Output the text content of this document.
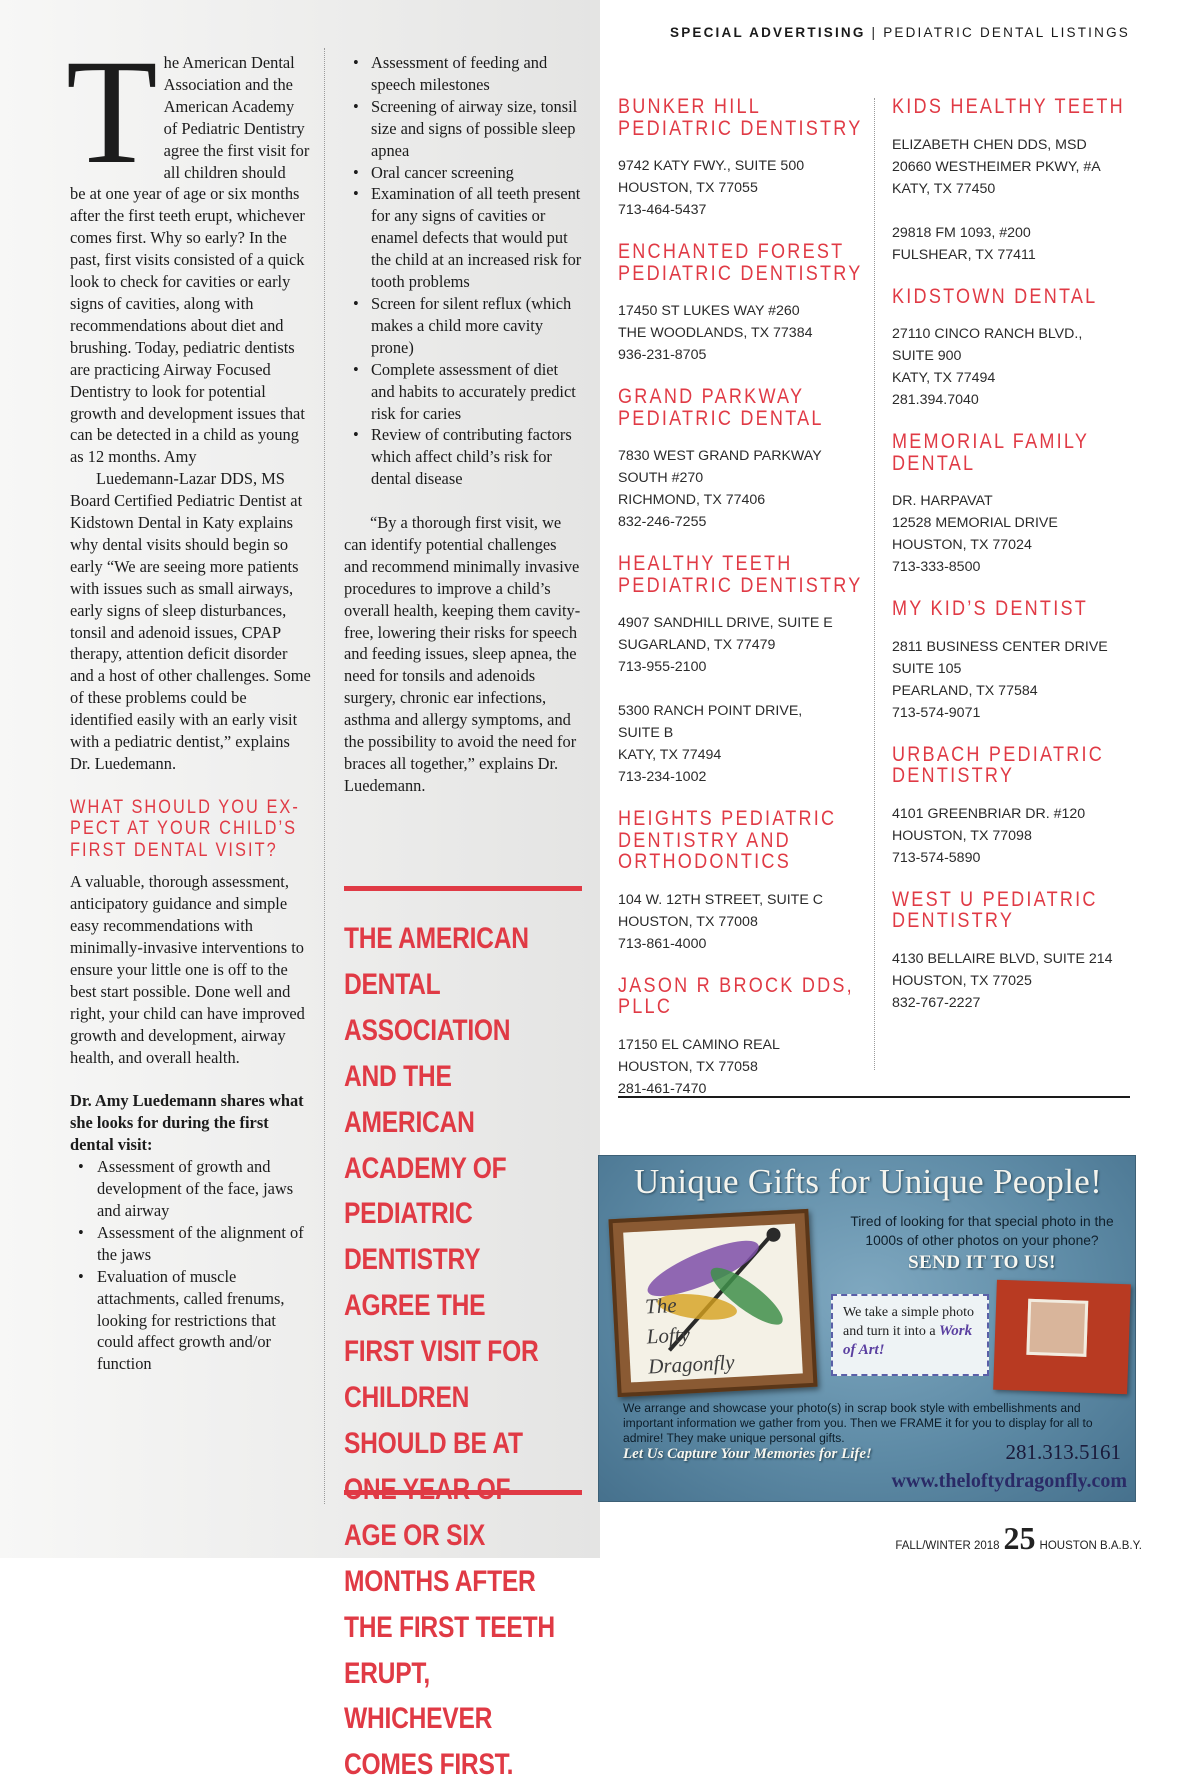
SPECIAL ADVERTISING | PEDIATRIC DENTAL LISTINGS

T he American Dental
Association and the
American Academy
of Pediatric Dentistry
agree the first visit for
all children should
be at one year of age or six months after the first teeth erupt, whichever comes first. Why so early? In the past, first visits consisted of a quick look to check for cavities or early signs of cavities, along with recommendations about diet and brushing. Today, pediatric dentists are practicing Airway Focused Dentistry to look for potential growth and development issues that can be detected in a child as young as 12 months. Amy

Luedemann-Lazar DDS, MS Board Certified Pediatric Dentist at Kidstown Dental in Katy explains why dental visits should begin so early “We are seeing more patients with issues such as small airways, early signs of sleep disturbances, tonsil and adenoid issues, CPAP therapy, attention deficit disorder and a host of other challenges. Some of these problems could be identified easily with an early visit with a pediatric dentist,” explains Dr. Luedemann.

WHAT SHOULD YOU EX- PECT AT YOUR CHILD’S FIRST DENTAL VISIT?

A valuable, thorough assessment, anticipatory guidance and simple easy recommendations with minimally-invasive interventions to ensure your little one is off to the best start possible. Done well and right, your child can have improved growth and development, airway health, and overall health.

Dr. Amy Luedemann shares what she looks for during the first dental visit:

• Assessment of growth and development of the face, jaws and airway
• Assessment of the alignment of the jaws
• Evaluation of muscle attachments, called frenums, looking for restrictions that could affect growth and/or function
• Assessment of feeding and speech milestones
• Screening of airway size, tonsil size and signs of possible sleep apnea
• Oral cancer screening
• Examination of all teeth present for any signs of cavities or enamel defects that would put the child at an increased risk for tooth problems
• Screen for silent reflux (which makes a child more cavity prone)
• Complete assessment of diet and habits to accurately predict risk for caries
• Review of contributing factors which affect child’s risk for dental disease

“By a thorough first visit, we can identify potential challenges and recommend minimally invasive procedures to improve a child’s overall health, keeping them cavity-free, lowering their risks for speech and feeding issues, sleep apnea, the need for tonsils and adenoids surgery, chronic ear infections, asthma and allergy symptoms, and the possibility to avoid the need for braces all together,” explains Dr. Luedemann.

THE AMERICAN DENTAL ASSOCIATION AND THE AMERICAN ACADEMY OF PEDIATRIC DENTISTRY AGREE THE FIRST VISIT FOR CHILDREN SHOULD BE AT AGE OR SIX MONTHS AFTER THE FIRST TEETH ERUPT, WHICHEVER COMES FIRST.
BUNKER HILL PEDIATRIC DENTISTRY
9742 KATY FWY., SUITE 500
HOUSTON, TX 77055
713-464-5437
ENCHANTED FOREST PEDIATRIC DENTISTRY
17450 ST LUKES WAY #260
THE WOODLANDS, TX 77384
936-231-8705
GRAND PARKWAY PEDIATRIC DENTAL
7830 WEST GRAND PARKWAY
SOUTH #270
RICHMOND, TX 77406
832-246-7255
HEALTHY TEETH PEDIATRIC DENTISTRY
4907 SANDHILL DRIVE, SUITE E
SUGARLAND, TX 77479
713-955-2100
5300 RANCH POINT DRIVE,
SUITE B
KATY, TX 77494
713-234-1002
HEIGHTS PEDIATRIC DENTISTRY AND ORTHODONTICS
104 W. 12TH STREET, SUITE C
HOUSTON, TX 77008
713-861-4000
JASON R BROCK DDS, PLLC
17150 EL CAMINO REAL
HOUSTON, TX 77058
281-461-7470
KIDS HEALTHY TEETH
ELIZABETH CHEN DDS, MSD
20660 WESTHEIMER PKWY, #A
KATY, TX 77450
29818 FM 1093, #200
FULSHEAR, TX 77411
KIDSTOWN DENTAL
27110 CINCO RANCH BLVD.,
SUITE 900
KATY, TX 77494
281.394.7040
MEMORIAL FAMILY DENTAL
DR. HARPAVAT
12528 MEMORIAL DRIVE
HOUSTON, TX 77024
713-333-8500
MY KID’S DENTIST
2811 BUSINESS CENTER DRIVE
SUITE 105
PEARLAND, TX 77584
713-574-9071
URBACH PEDIATRIC DENTISTRY
4101 GREENBRIAR DR. #120
HOUSTON, TX 77098
713-574-5890
WEST U PEDIATRIC DENTISTRY
4130 BELLAIRE BLVD, SUITE 214
HOUSTON, TX 77025
832-767-2227
Unique Gifts for Unique People!
The
Lofty
Dragonfly
Tired of looking for that special photo in the 1000s of other photos on your phone?
SEND IT TO US!
We take a simple photo and turn it into a Work of Art!
We arrange and showcase your photo(s) in scrap book style with embellishments and important information we gather from you. Then we FRAME it for you to display for all to admire! They make unique personal gifts.
Let Us Capture Your Memories for Life!	281.313.5161
www.theloftydragonfly.com
FALL/WINTER 2018 25 HOUSTON B.A.B.Y.
